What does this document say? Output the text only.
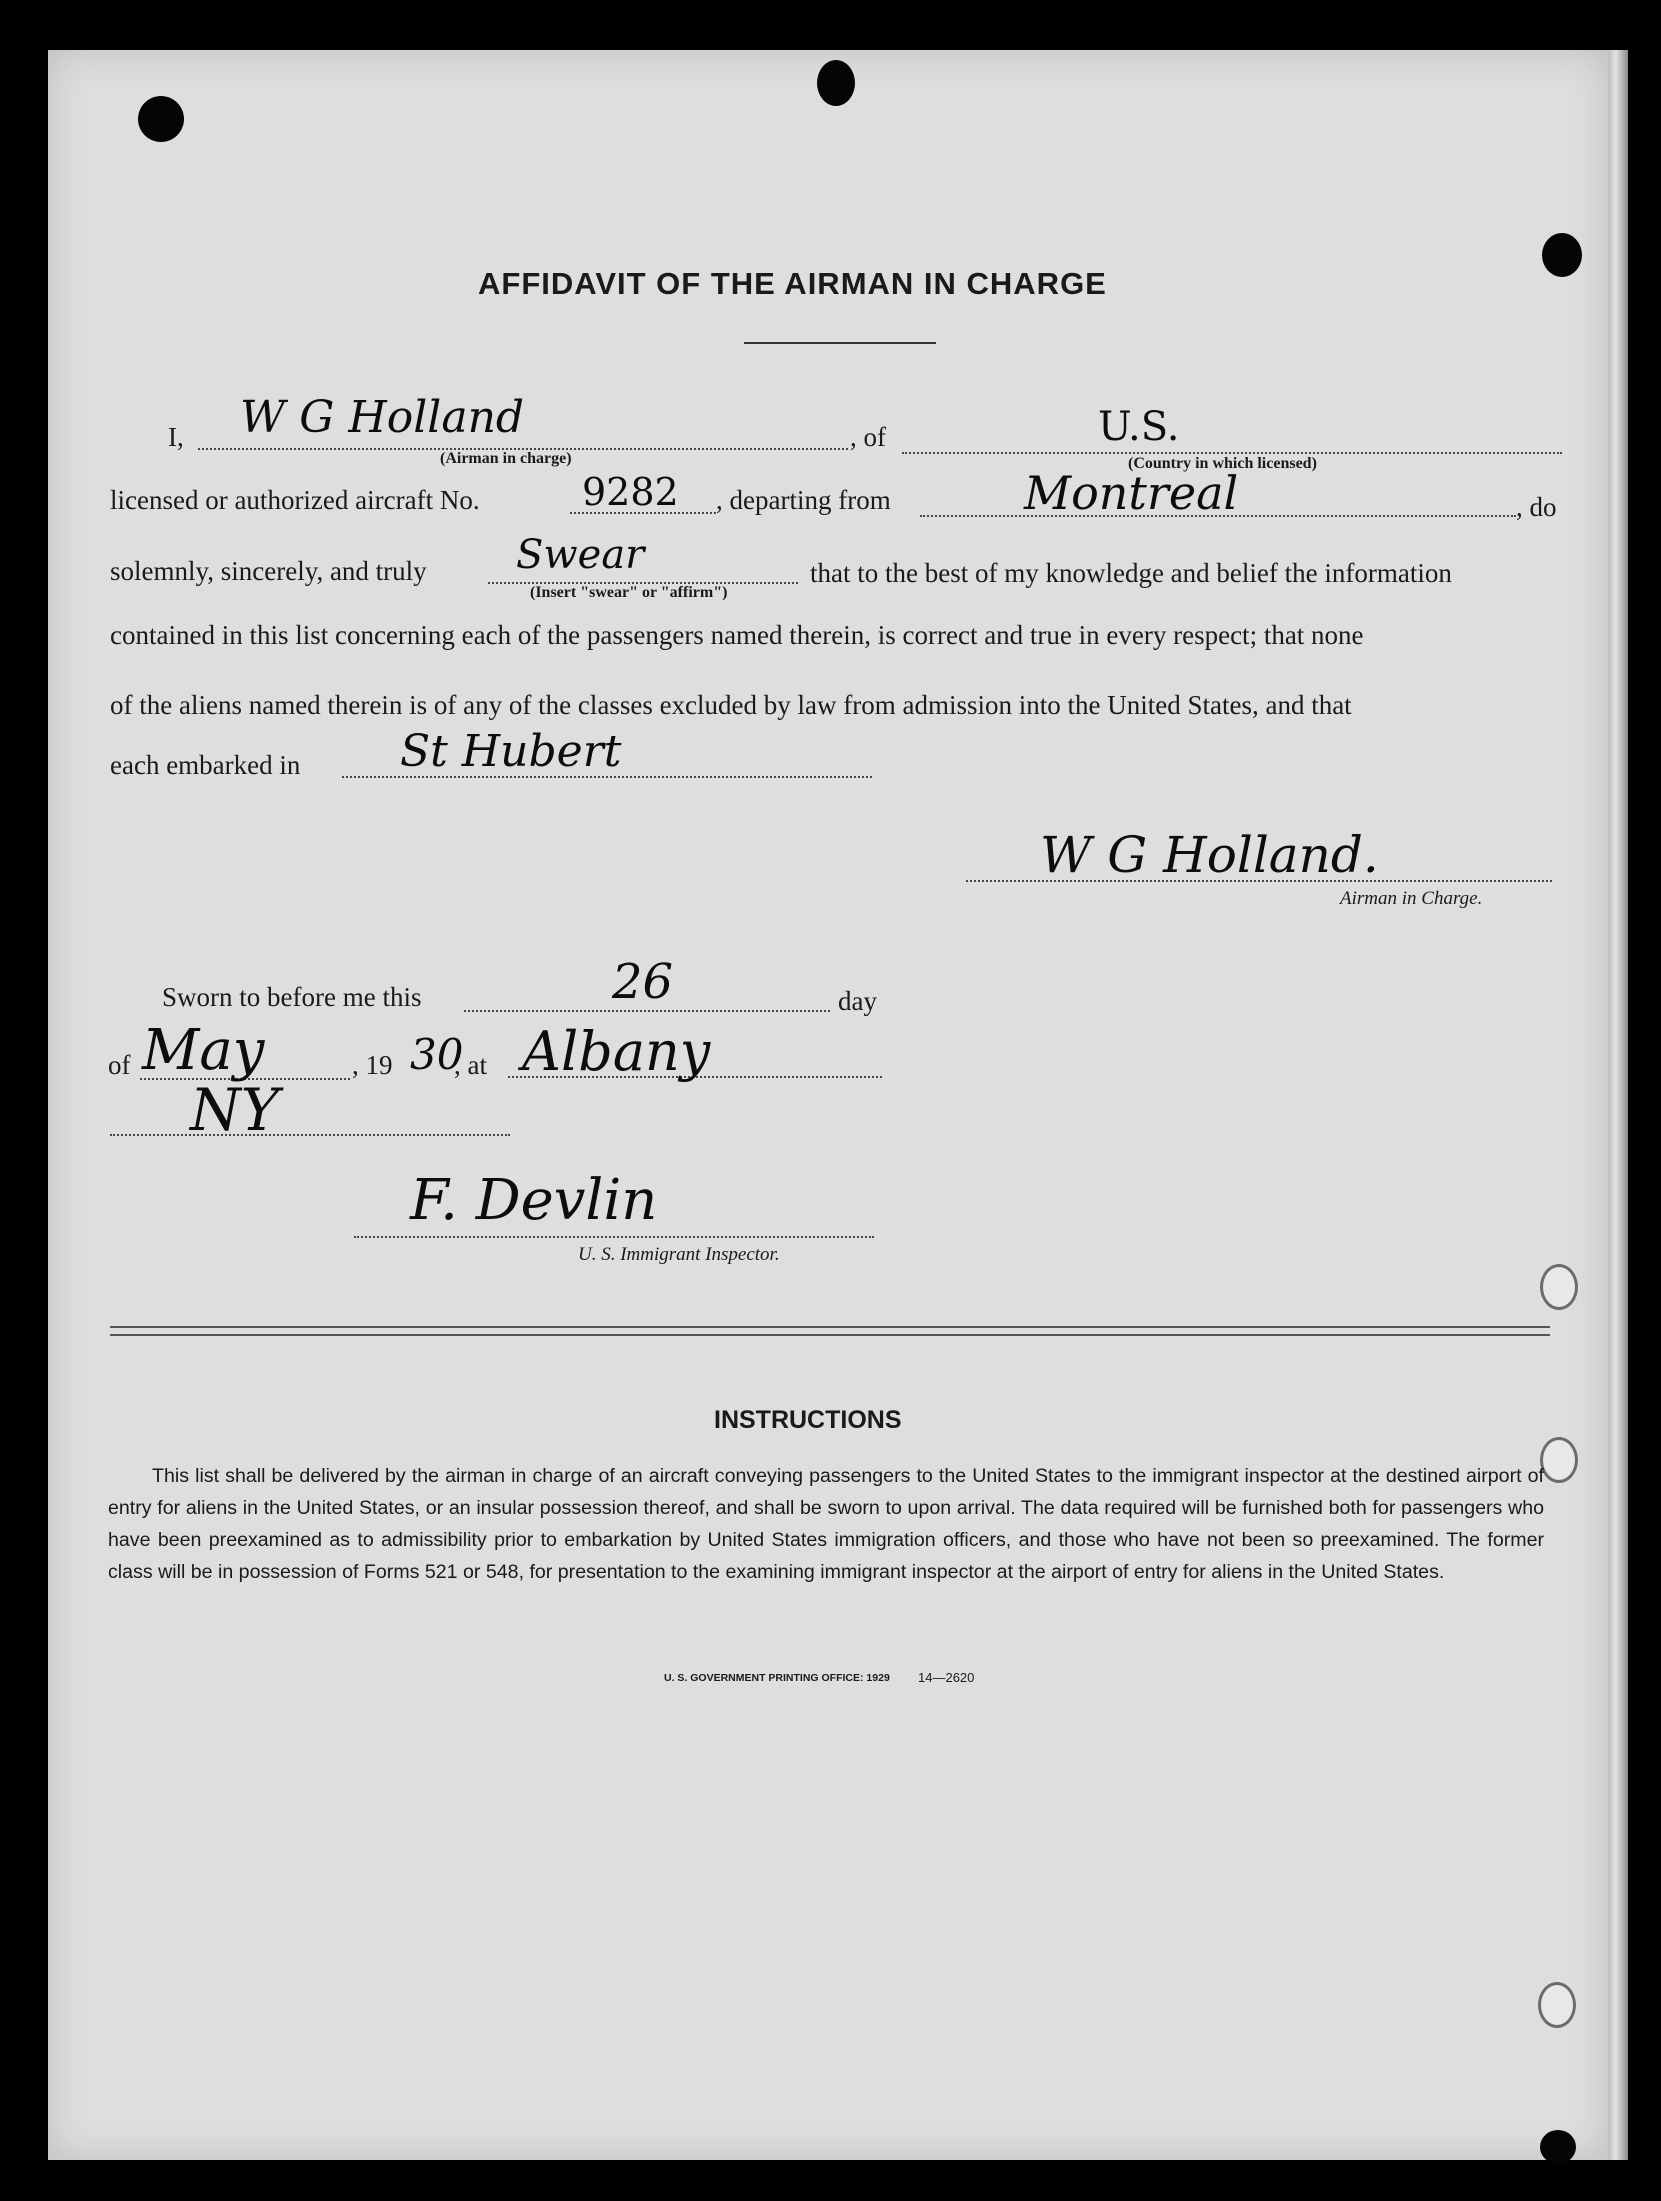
AFFIDAVIT OF THE AIRMAN IN CHARGE
I, W G Holland
(Airman in charge)
, of	U.S.
(Country in which licensed)
licensed or authorized aircraft No.	9282 , departing from	Montreal	, do
solemnly, sincerely, and truly Swear
(Insert "swear" or "affirm")
that to the best of my knowledge and belief the information
contained in this list concerning each of the passengers named therein, is correct and true in every respect; that none
of the aliens named therein is of any of the classes excluded by law from admission into the United States, and that
each embarked in St Hubert
W G Holland.
Airman in Charge.
Sworn to before me this	26	day
of May	, 19 30
, at Albany
NY
F. Devlin
U. S. Immigrant Inspector.
INSTRUCTIONS
This list shall be delivered by the airman in charge of an aircraft conveying passengers to the United States to the immigrant inspector at the destined airport of entry for aliens in the United States, or an insular possession thereof, and shall be sworn to upon arrival. The data required will be furnished both for passengers who have been preexamined as to admissibility prior to embarkation by United States immigration officers, and those who have not been so preexamined. The former class will be in possession of Forms 521 or 548, for presentation to the examining immigrant inspector at the airport of entry for aliens in the United States.
U. S. GOVERNMENT PRINTING OFFICE: 1929 14—2620
